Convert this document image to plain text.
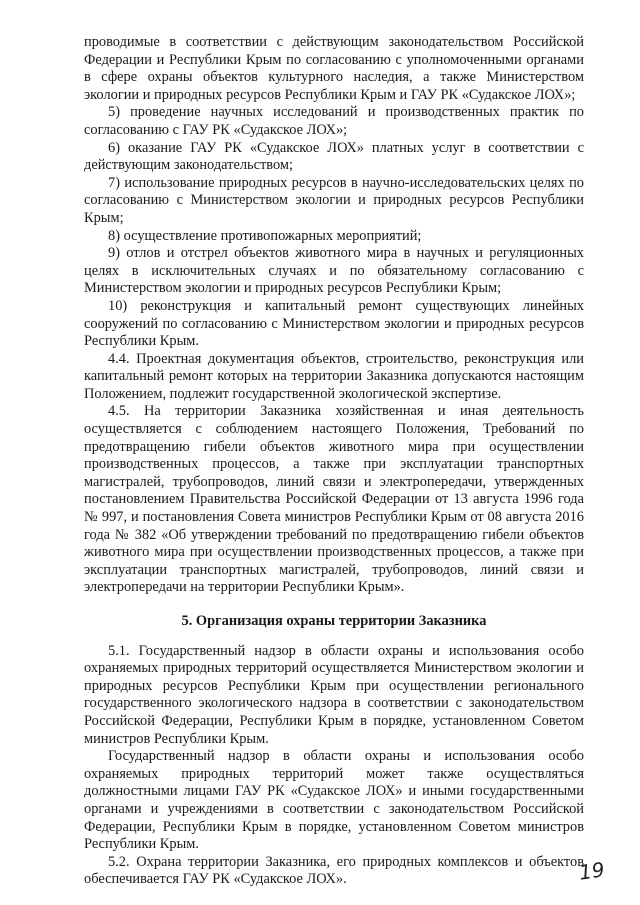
проводимые в соответствии с действующим законодательством Российской Федерации и Республики Крым по согласованию с уполномоченными органами в сфере охраны объектов культурного наследия, а также Министерством экологии и природных ресурсов Республики Крым и ГАУ РК «Судакское ЛОХ»;

5) проведение научных исследований и производственных практик по согласованию с ГАУ РК «Судакское ЛОХ»;

6) оказание ГАУ РК «Судакское ЛОХ» платных услуг в соответствии с действующим законодательством;

7) использование природных ресурсов в научно-исследовательских целях по согласованию с Министерством экологии и природных ресурсов Республики Крым;

8) осуществление противопожарных мероприятий;

9) отлов и отстрел объектов животного мира в научных и регуляционных целях в исключительных случаях и по обязательному согласованию с Министерством экологии и природных ресурсов Республики Крым;

10) реконструкция и капитальный ремонт существующих линейных сооружений по согласованию с Министерством экологии и природных ресурсов Республики Крым.

4.4. Проектная документация объектов, строительство, реконструкция или капитальный ремонт которых на территории Заказника допускаются настоящим Положением, подлежит государственной экологической экспертизе.

4.5. На территории Заказника хозяйственная и иная деятельность осуществляется с соблюдением настоящего Положения, Требований по предотвращению гибели объектов животного мира при осуществлении производственных процессов, а также при эксплуатации транспортных магистралей, трубопроводов, линий связи и электропередачи, утвержденных постановлением Правительства Российской Федерации от 13 августа 1996 года № 997, и постановления Совета министров Республики Крым от 08 августа 2016 года № 382 «Об утверждении требований по предотвращению гибели объектов животного мира при осуществлении производственных процессов, а также при эксплуатации транспортных магистралей, трубопроводов, линий связи и электропередачи на территории Республики Крым».

5. Организация охраны территории Заказника

5.1. Государственный надзор в области охраны и использования особо охраняемых природных территорий осуществляется Министерством экологии и природных ресурсов Республики Крым при осуществлении регионального государственного экологического надзора в соответствии с законодательством Российской Федерации, Республики Крым в порядке, установленном Советом министров Республики Крым.

Государственный надзор в области охраны и использования особо охраняемых природных территорий может также осуществляться должностными лицами ГАУ РК «Судакское ЛОХ» и иными государственными органами и учреждениями в соответствии с законодательством Российской Федерации, Республики Крым в порядке, установленном Советом министров Республики Крым.

5.2. Охрана территории Заказника, его природных комплексов и объектов обеспечивается ГАУ РК «Судакское ЛОХ».	19
